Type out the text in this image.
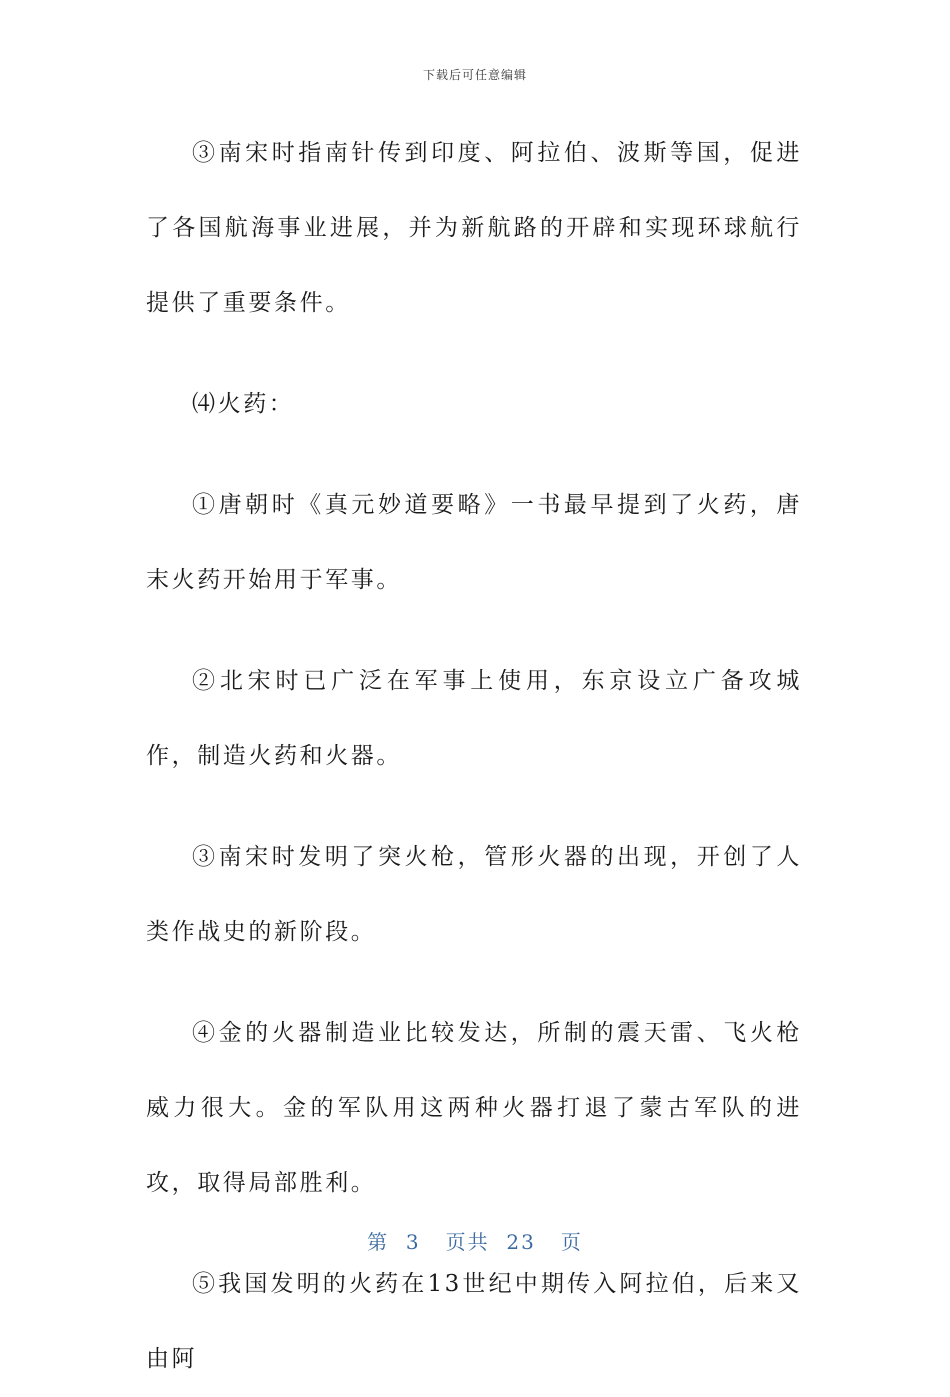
下载后可任意编辑

③南宋时指南针传到印度、阿拉伯、波斯等国，促进了各国航海事业进展，并为新航路的开辟和实现环球航行提供了重要条件。

⑷火药：

①唐朝时《真元妙道要略》一书最早提到了火药，唐末火药开始用于军事。

②北宋时已广泛在军事上使用，东京设立广备攻城作，制造火药和火器。

③南宋时发明了突火枪，管形火器的出现，开创了人类作战史的新阶段。

④金的火器制造业比较发达，所制的震天雷、飞火枪威力很大。金的军队用这两种火器打退了蒙古军队的进攻，取得局部胜利。

⑤我国发明的火药在13世纪中期传入阿拉伯，后来又由阿

第 3 页共 23 页
